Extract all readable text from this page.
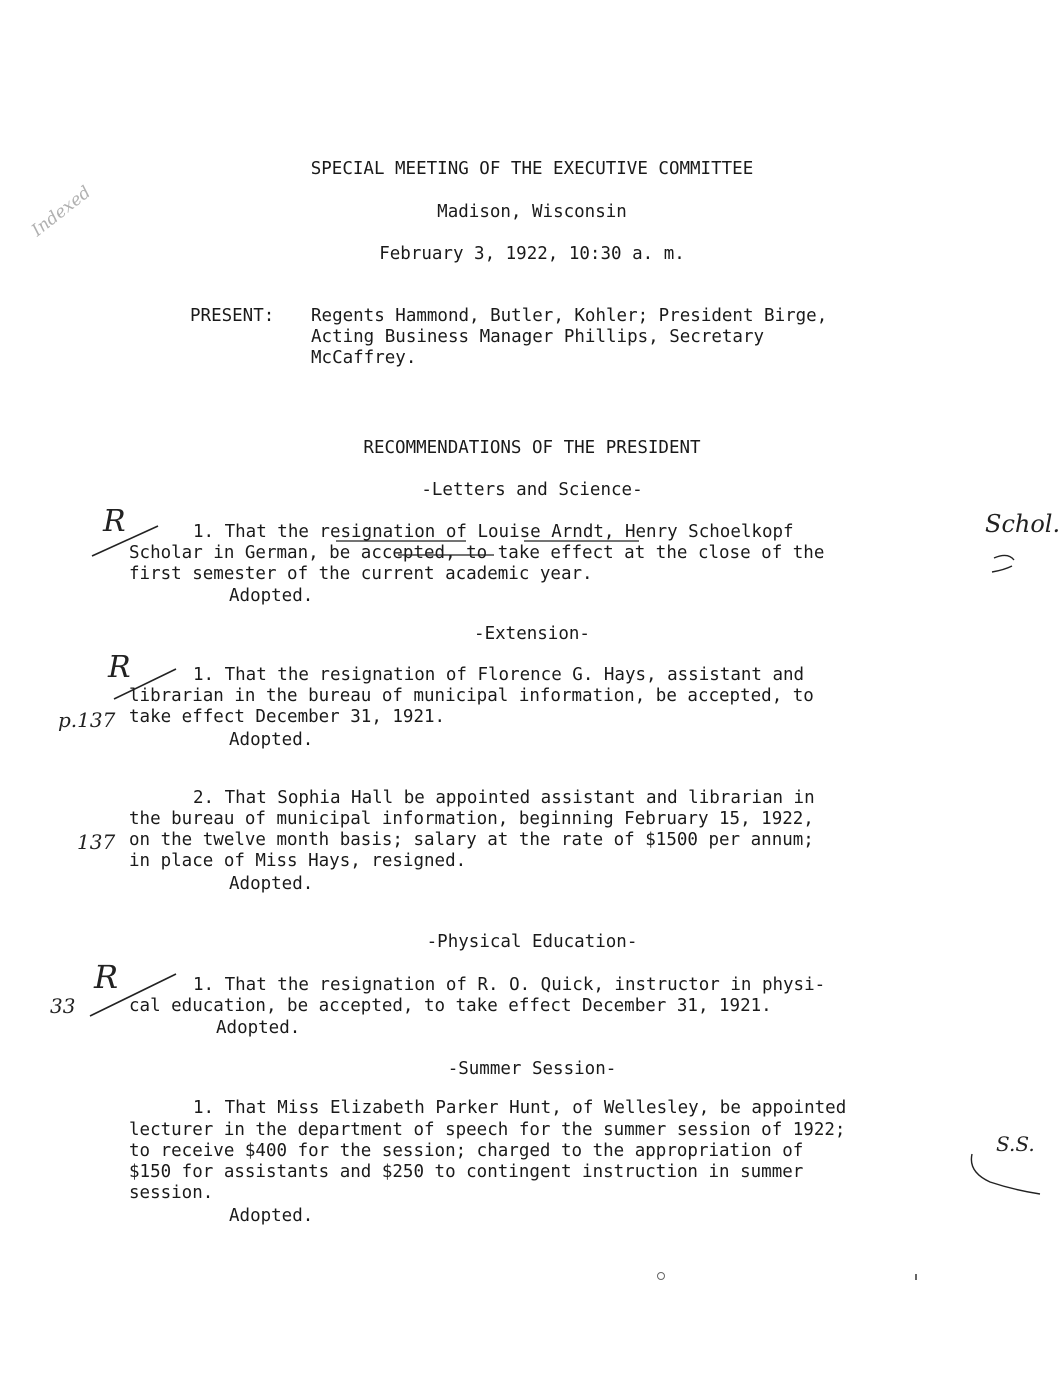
SPECIAL MEETING OF THE EXECUTIVE COMMITTEE
Madison, Wisconsin
February 3, 1922, 10:30 a. m.
Indexed
PRESENT: Regents Hammond, Butler, Kohler; President Birge,
Acting Business Manager Phillips, Secretary
McCaffrey.
RECOMMENDATIONS OF THE PRESIDENT
-Letters and Science-
1. That the resignation of Louise Arndt, Henry Schoelkopf
Scholar in German, be accepted, to take effect at the close of the
first semester of the current academic year.
Adopted.
R	Schol.
-Extension-
1. That the resignation of Florence G. Hays, assistant and
librarian in the bureau of municipal information, be accepted, to
take effect December 31, 1921.
Adopted.
R
p.137
2. That Sophia Hall be appointed assistant and librarian in
the bureau of municipal information, beginning February 15, 1922,
on the twelve month basis; salary at the rate of $1500 per annum;
in place of Miss Hays, resigned.
Adopted.
137
-Physical Education-
1. That the resignation of R. O. Quick, instructor in physi-
cal education, be accepted, to take effect December 31, 1921.
Adopted.
R
33
-Summer Session-
1. That Miss Elizabeth Parker Hunt, of Wellesley, be appointed
lecturer in the department of speech for the summer session of 1922;
to receive $400 for the session; charged to the appropriation of
$150 for assistants and $250 to contingent instruction in summer
session.
Adopted.
S.S.
